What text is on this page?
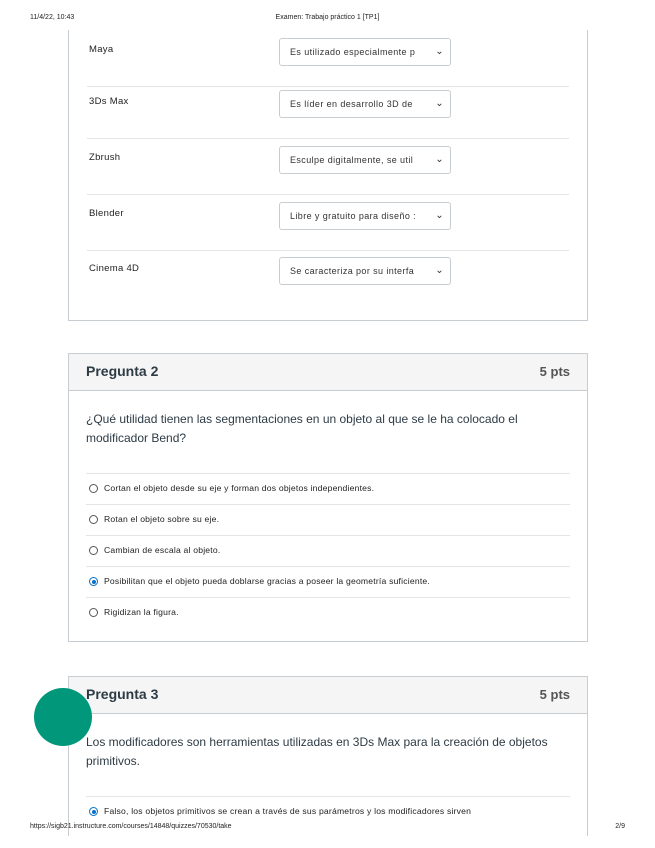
11/4/22, 10:43	Examen: Trabajo práctico 1 [TP1]
Maya	Es utilizado especialmente p ⌄
3Ds Max	Es líder en desarrollo 3D de ⌄
Zbrush	Esculpe digitalmente, se util ⌄
Blender	Libre y gratuito para diseño : ⌄
Cinema 4D	Se caracteriza por su interfa ⌄
Pregunta 2	5 pts
¿Qué utilidad tienen las segmentaciones en un objeto al que se le ha colocado el modificador Bend?
Cortan el objeto desde su eje y forman dos objetos independientes.
Rotan el objeto sobre su eje.
Cambian de escala al objeto.
Posibilitan que el objeto pueda doblarse gracias a poseer la geometría suficiente.
Rigidizan la figura.
Pregunta 3	5 pts
Los modificadores son herramientas utilizadas en 3Ds Max para la creación de objetos primitivos.
Falso, los objetos primitivos se crean a través de sus parámetros y los modificadores sirven
https://sigb21.instructure.com/courses/14848/quizzes/70530/take	2/9
